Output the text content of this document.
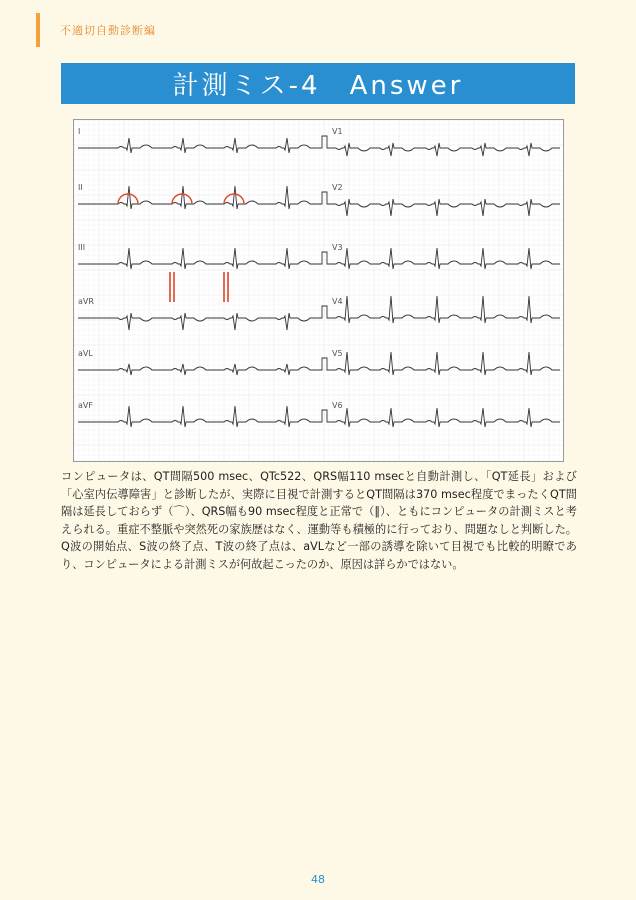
不適切自動診断編
計測ミス-4　Answer
I	V1
II	V2
III	V3
aVR	V4
aVL	V5
aVF	V6

コンピュータは、QT間隔500 msec、QTc522、QRS幅110 msecと自動計測し、「QT延長」および「心室内伝導障害」と診断したが、実際に目視で計測するとQT間隔は370 msec程度でまったくQT間隔は延長しておらず（⌒）、QRS幅も90 msec程度と正常で（‖）、ともにコンピュータの計測ミスと考えられる。重症不整脈や突然死の家族歴はなく、運動等も積極的に行っており、問題なしと判断した。Q波の開始点、S波の終了点、T波の終了点は、aVLなど一部の誘導を除いて目視でも比較的明瞭であり、コンピュータによる計測ミスが何故起こったのか、原因は詳らかではない。

48
